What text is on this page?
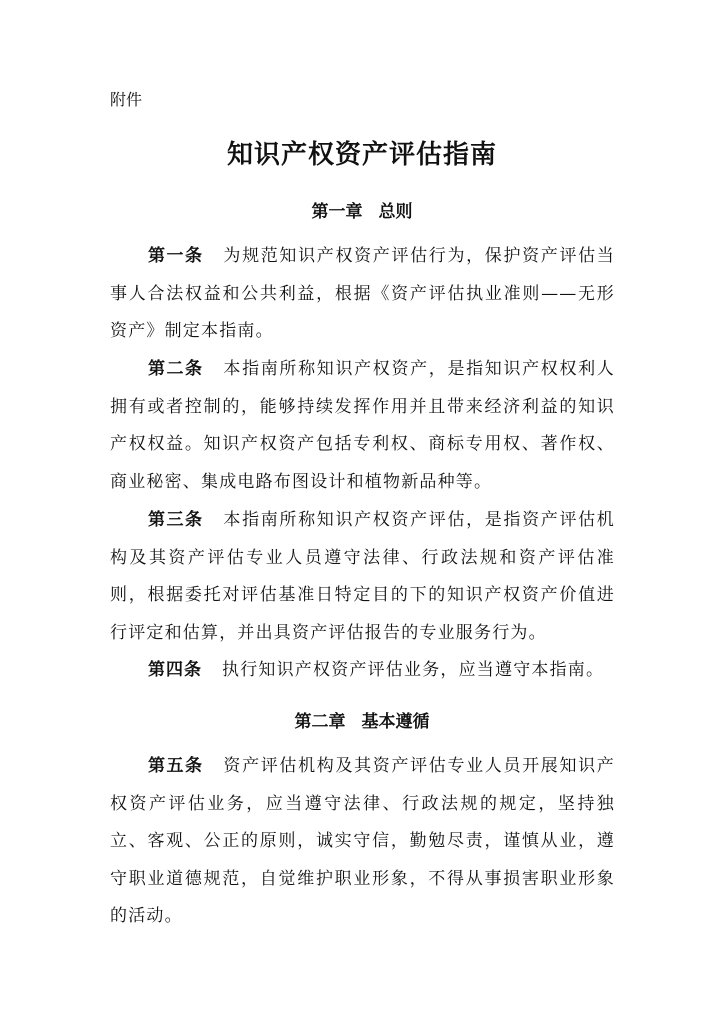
附件

知识产权资产评估指南
第一章 总则

第一条 为规范知识产权资产评估行为，保护资产评估当事人合法权益和公共利益，根据《资产评估执业准则——无形资产》制定本指南。

第二条 本指南所称知识产权资产，是指知识产权权利人拥有或者控制的，能够持续发挥作用并且带来经济利益的知识产权权益。知识产权资产包括专利权、商标专用权、著作权、商业秘密、集成电路布图设计和植物新品种等。

第三条 本指南所称知识产权资产评估，是指资产评估机构及其资产评估专业人员遵守法律、行政法规和资产评估准则，根据委托对评估基准日特定目的下的知识产权资产价值进行评定和估算，并出具资产评估报告的专业服务行为。

第四条 执行知识产权资产评估业务，应当遵守本指南。

第二章 基本遵循

第五条 资产评估机构及其资产评估专业人员开展知识产权资产评估业务，应当遵守法律、行政法规的规定，坚持独立、客观、公正的原则，诚实守信，勤勉尽责，谨慎从业，遵守职业道德规范，自觉维护职业形象，不得从事损害职业形象的活动。
